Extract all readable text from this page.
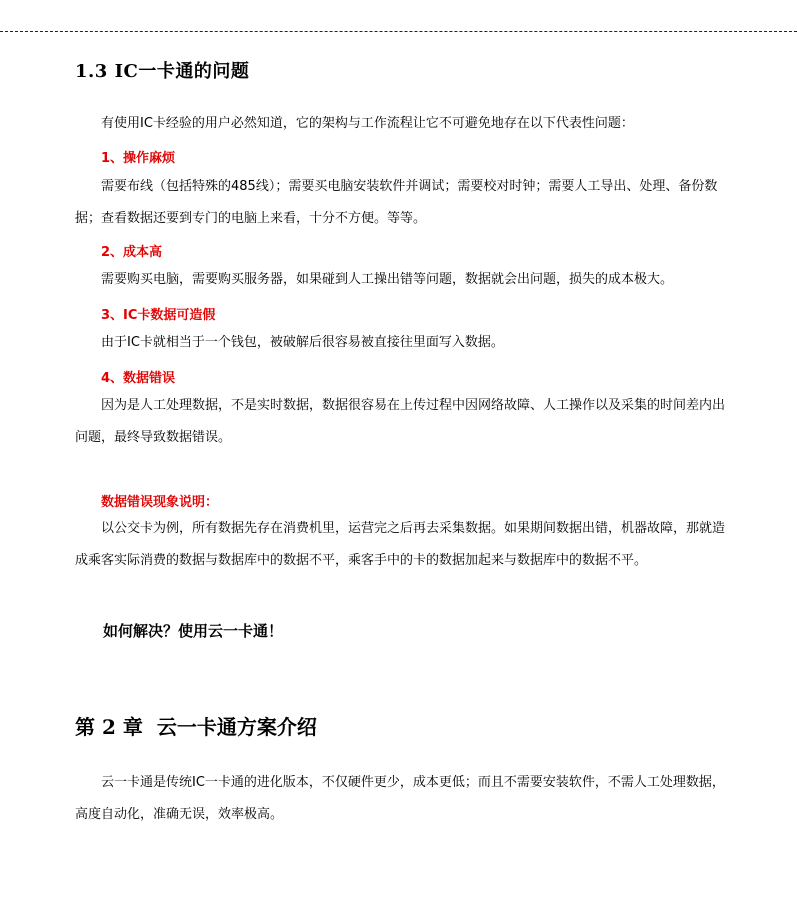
1.3 IC一卡通的问题

有使用IC卡经验的用户必然知道，它的架构与工作流程让它不可避免地存在以下代表性问题：

1、操作麻烦

需要布线（包括特殊的485线）；需要买电脑安装软件并调试；需要校对时钟；需要人工导出、处理、备份数据；查看数据还要到专门的电脑上来看，十分不方便。等等。

2、成本高

需要购买电脑，需要购买服务器，如果碰到人工操出错等问题，数据就会出问题，损失的成本极大。

3、IC卡数据可造假

由于IC卡就相当于一个钱包，被破解后很容易被直接往里面写入数据。

4、数据错误

因为是人工处理数据，不是实时数据，数据很容易在上传过程中因网络故障、人工操作以及采集的时间差内出问题，最终导致数据错误。

数据错误现象说明：

以公交卡为例，所有数据先存在消费机里，运营完之后再去采集数据。如果期间数据出错，机器故障，那就造成乘客实际消费的数据与数据库中的数据不平，乘客手中的卡的数据加起来与数据库中的数据不平。

如何解决？使用云一卡通！
第 2 章 云一卡通方案介绍

云一卡通是传统IC一卡通的进化版本，不仅硬件更少，成本更低；而且不需要安装软件，不需人工处理数据，高度自动化，准确无误，效率极高。
